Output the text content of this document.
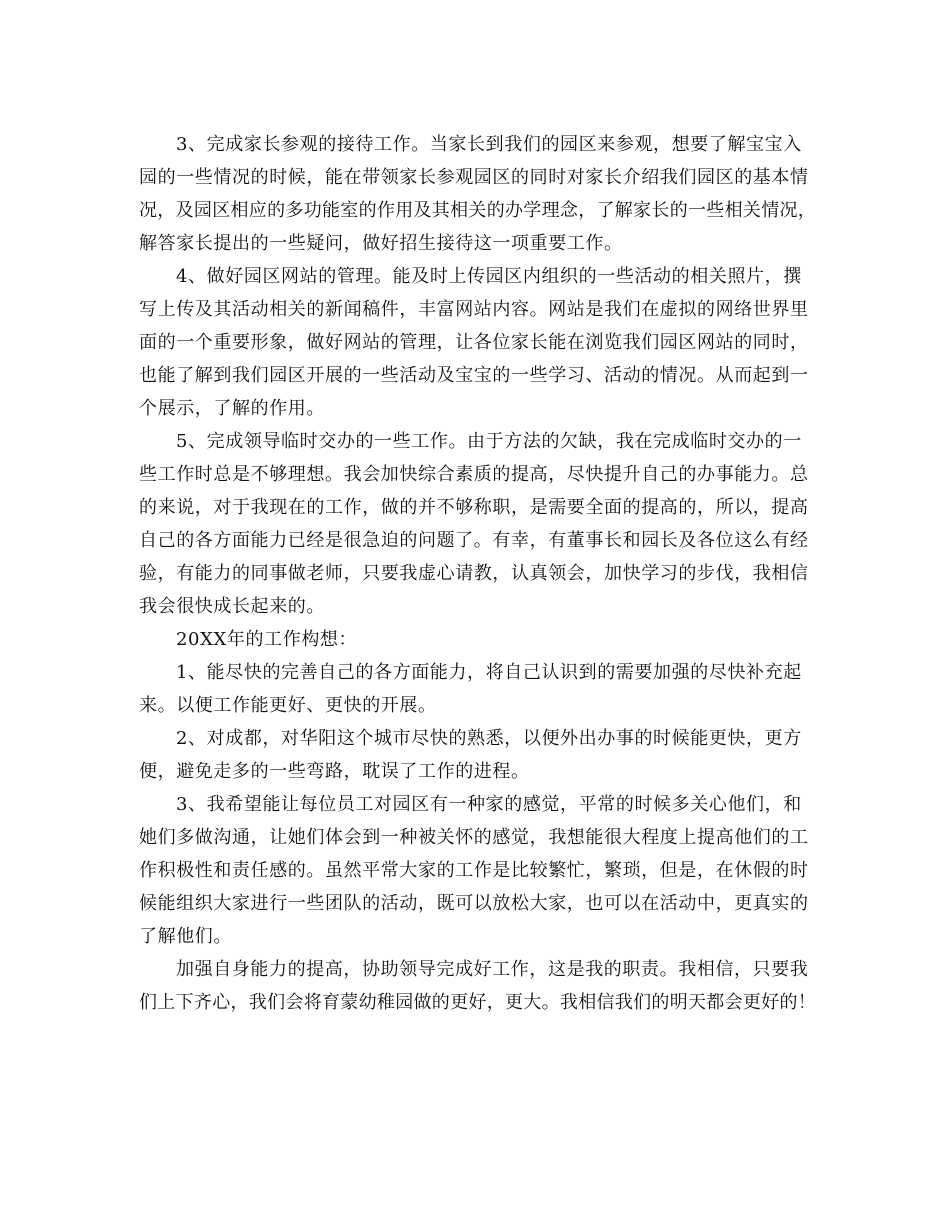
3、完成家长参观的接待工作。当家长到我们的园区来参观，想要了解宝宝入
园的一些情况的时候，能在带领家长参观园区的同时对家长介绍我们园区的基本情
况，及园区相应的多功能室的作用及其相关的办学理念，了解家长的一些相关情况，
解答家长提出的一些疑问，做好招生接待这一项重要工作。

4、做好园区网站的管理。能及时上传园区内组织的一些活动的相关照片，撰
写上传及其活动相关的新闻稿件，丰富网站内容。网站是我们在虚拟的网络世界里
面的一个重要形象，做好网站的管理，让各位家长能在浏览我们园区网站的同时，
也能了解到我们园区开展的一些活动及宝宝的一些学习、活动的情况。从而起到一
个展示，了解的作用。

5、完成领导临时交办的一些工作。由于方法的欠缺，我在完成临时交办的一
些工作时总是不够理想。我会加快综合素质的提高，尽快提升自己的办事能力。总
的来说，对于我现在的工作，做的并不够称职，是需要全面的提高的，所以，提高
自己的各方面能力已经是很急迫的问题了。有幸，有董事长和园长及各位这么有经
验，有能力的同事做老师，只要我虚心请教，认真领会，加快学习的步伐，我相信
我会很快成长起来的。

20XX年的工作构想：

1、能尽快的完善自己的各方面能力，将自己认识到的需要加强的尽快补充起
来。以便工作能更好、更快的开展。

2、对成都，对华阳这个城市尽快的熟悉，以便外出办事的时候能更快，更方
便，避免走多的一些弯路，耽误了工作的进程。

3、我希望能让每位员工对园区有一种家的感觉，平常的时候多关心他们，和
她们多做沟通，让她们体会到一种被关怀的感觉，我想能很大程度上提高他们的工
作积极性和责任感的。虽然平常大家的工作是比较繁忙，繁琐，但是，在休假的时
候能组织大家进行一些团队的活动，既可以放松大家，也可以在活动中，更真实的
了解他们。

加强自身能力的提高，协助领导完成好工作，这是我的职责。我相信，只要我
们上下齐心，我们会将育蒙幼稚园做的更好，更大。我相信我们的明天都会更好的！
